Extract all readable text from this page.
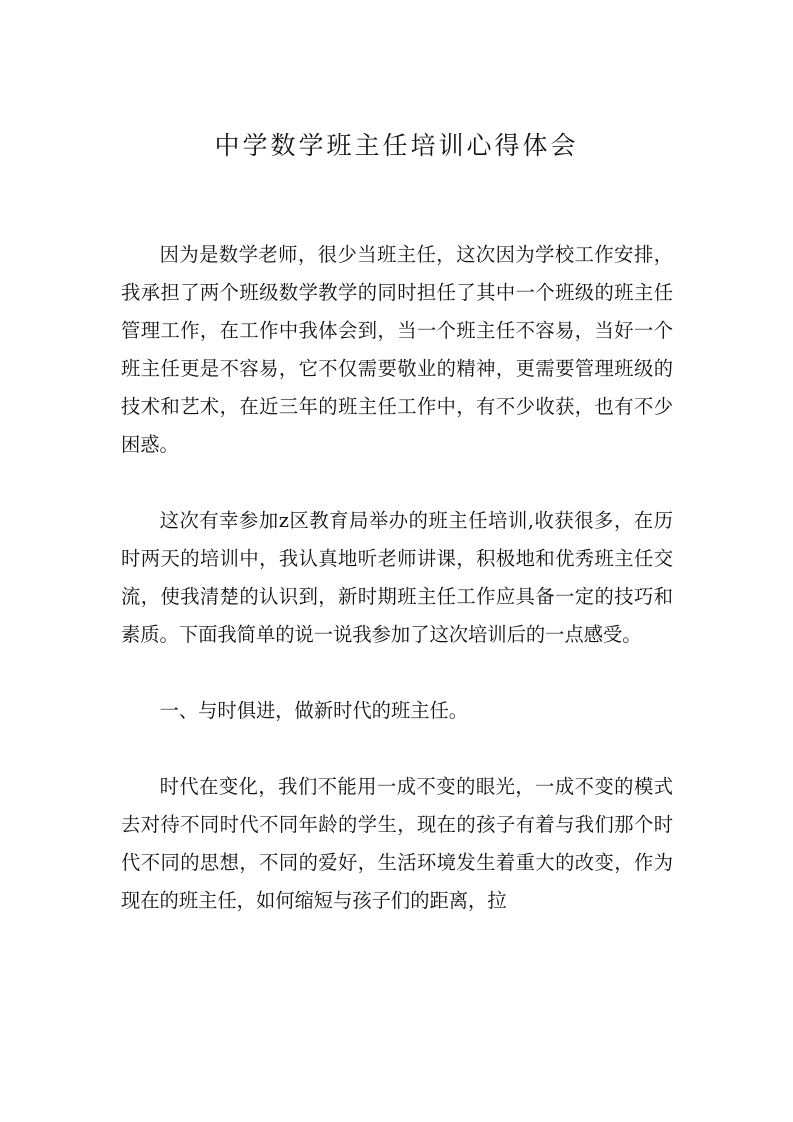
中学数学班主任培训心得体会

因为是数学老师，很少当班主任，这次因为学校工作安排，我承担了两个班级数学教学的同时担任了其中一个班级的班主任管理工作，在工作中我体会到，当一个班主任不容易，当好一个班主任更是不容易，它不仅需要敬业的精神，更需要管理班级的技术和艺术，在近三年的班主任工作中，有不少收获，也有不少困惑。

这次有幸参加z区教育局举办的班主任培训,收获很多，在历时两天的培训中，我认真地听老师讲课，积极地和优秀班主任交流，使我清楚的认识到，新时期班主任工作应具备一定的技巧和素质。下面我简单的说一说我参加了这次培训后的一点感受。

一、与时俱进，做新时代的班主任。

时代在变化，我们不能用一成不变的眼光，一成不变的模式去对待不同时代不同年龄的学生，现在的孩子有着与我们那个时代不同的思想，不同的爱好，生活环境发生着重大的改变，作为现在的班主任，如何缩短与孩子们的距离，拉
